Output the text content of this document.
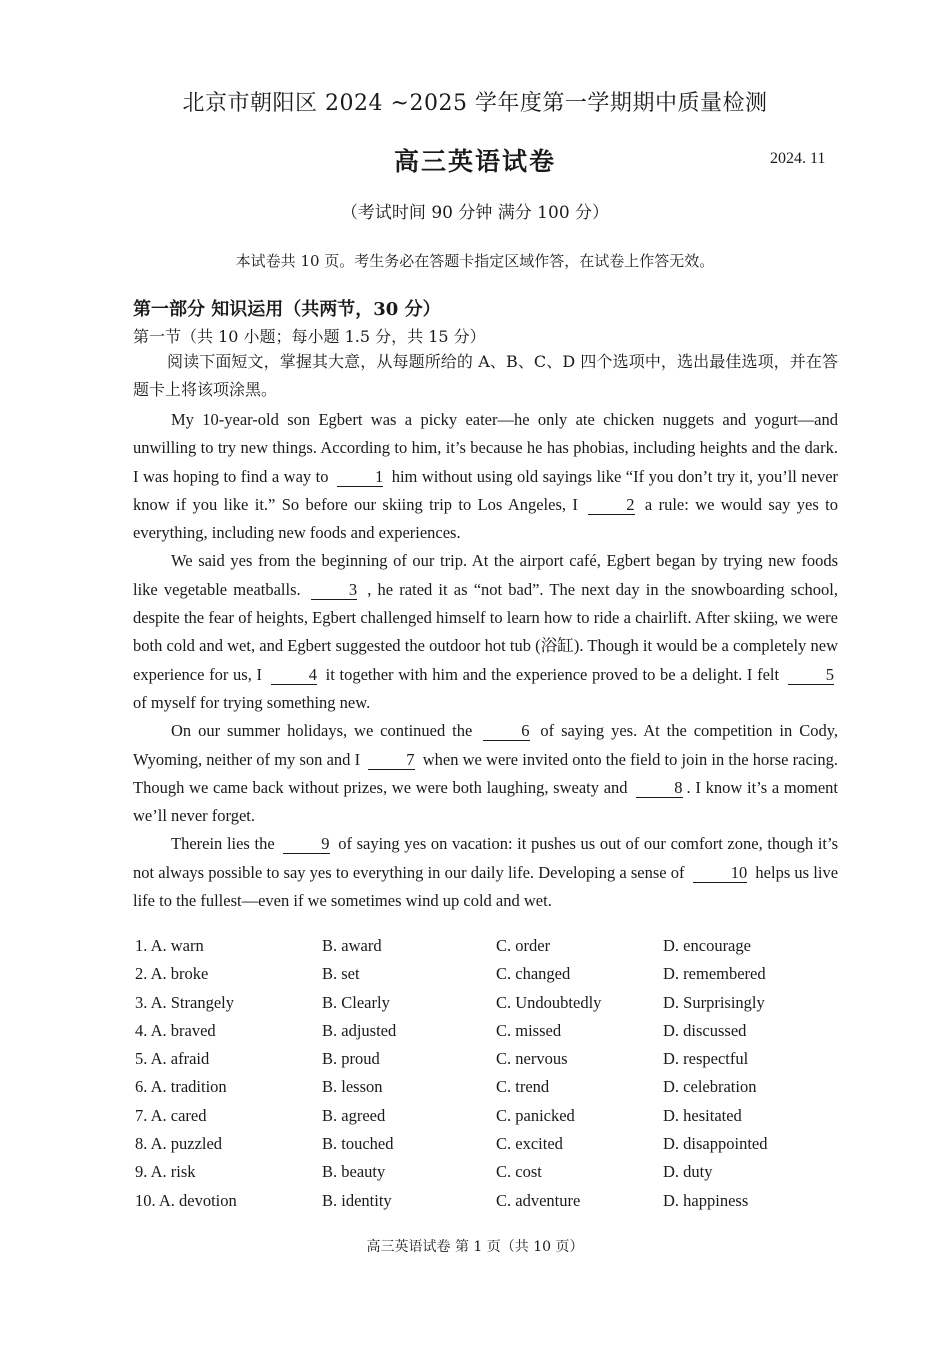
北京市朝阳区 2024 ~2025 学年度第一学期期中质量检测
高三英语试卷	2024. 11
（考试时间 90 分钟 满分 100 分）
本试卷共 10 页。考生务必在答题卡指定区域作答，在试卷上作答无效。
第一部分 知识运用（共两节，30 分）
第一节（共 10 小题；每小题 1.5 分，共 15 分）
阅读下面短文，掌握其大意，从每题所给的 A、B、C、D 四个选项中，选出最佳选项，并在答题卡上将该项涂黑。

My 10-year-old son Egbert was a picky eater—he only ate chicken nuggets and yogurt—and unwilling to try new things. According to him, it’s because he has phobias, including heights and the dark. I was hoping to find a way to	1 him without using old sayings like “If you don’t try it, you’ll never know if you like it.” So before our skiing trip to Los Angeles, I	2 a rule: we would say yes to everything, including new foods and experiences.

We said yes from the beginning of our trip. At the airport café, Egbert began by trying new foods like vegetable meatballs.	3 , he rated it as “not bad”. The next day in the snowboarding school, despite the fear of heights, Egbert challenged himself to learn how to ride a chairlift. After skiing, we were both cold and wet, and Egbert suggested the outdoor hot tub (浴缸). Though it would be a completely new experience for us, I	4 it together with him and the experience proved to be a delight. I felt	5 of myself for trying something new.

On our summer holidays, we continued the	6 of saying yes. At the competition in Cody, Wyoming, neither of my son and I	7 when we were invited onto the field to join in the horse racing. Though we came back without prizes, we were both laughing, sweaty and	8 . I know it’s a moment we’ll never forget.

Therein lies the	9 of saying yes on vacation: it pushes us out of our comfort zone, though it’s not always possible to say yes to everything in our daily life. Developing a sense of	10 helps us live life to the fullest—even if we sometimes wind up cold and wet.

1. A. warn	B. award	C. order	D. encourage
2. A. broke	B. set	C. changed	D. remembered
3. A. Strangely	B. Clearly	C. Undoubtedly	D. Surprisingly
4. A. braved	B. adjusted	C. missed	D. discussed
5. A. afraid	B. proud	C. nervous	D. respectful
6. A. tradition	B. lesson	C. trend	D. celebration
7. A. cared	B. agreed	C. panicked	D. hesitated
8. A. puzzled	B. touched	C. excited	D. disappointed
9. A. risk	B. beauty	C. cost	D. duty
10. A. devotion	B. identity	C. adventure	D. happiness
高三英语试卷 第 1 页（共 10 页）
